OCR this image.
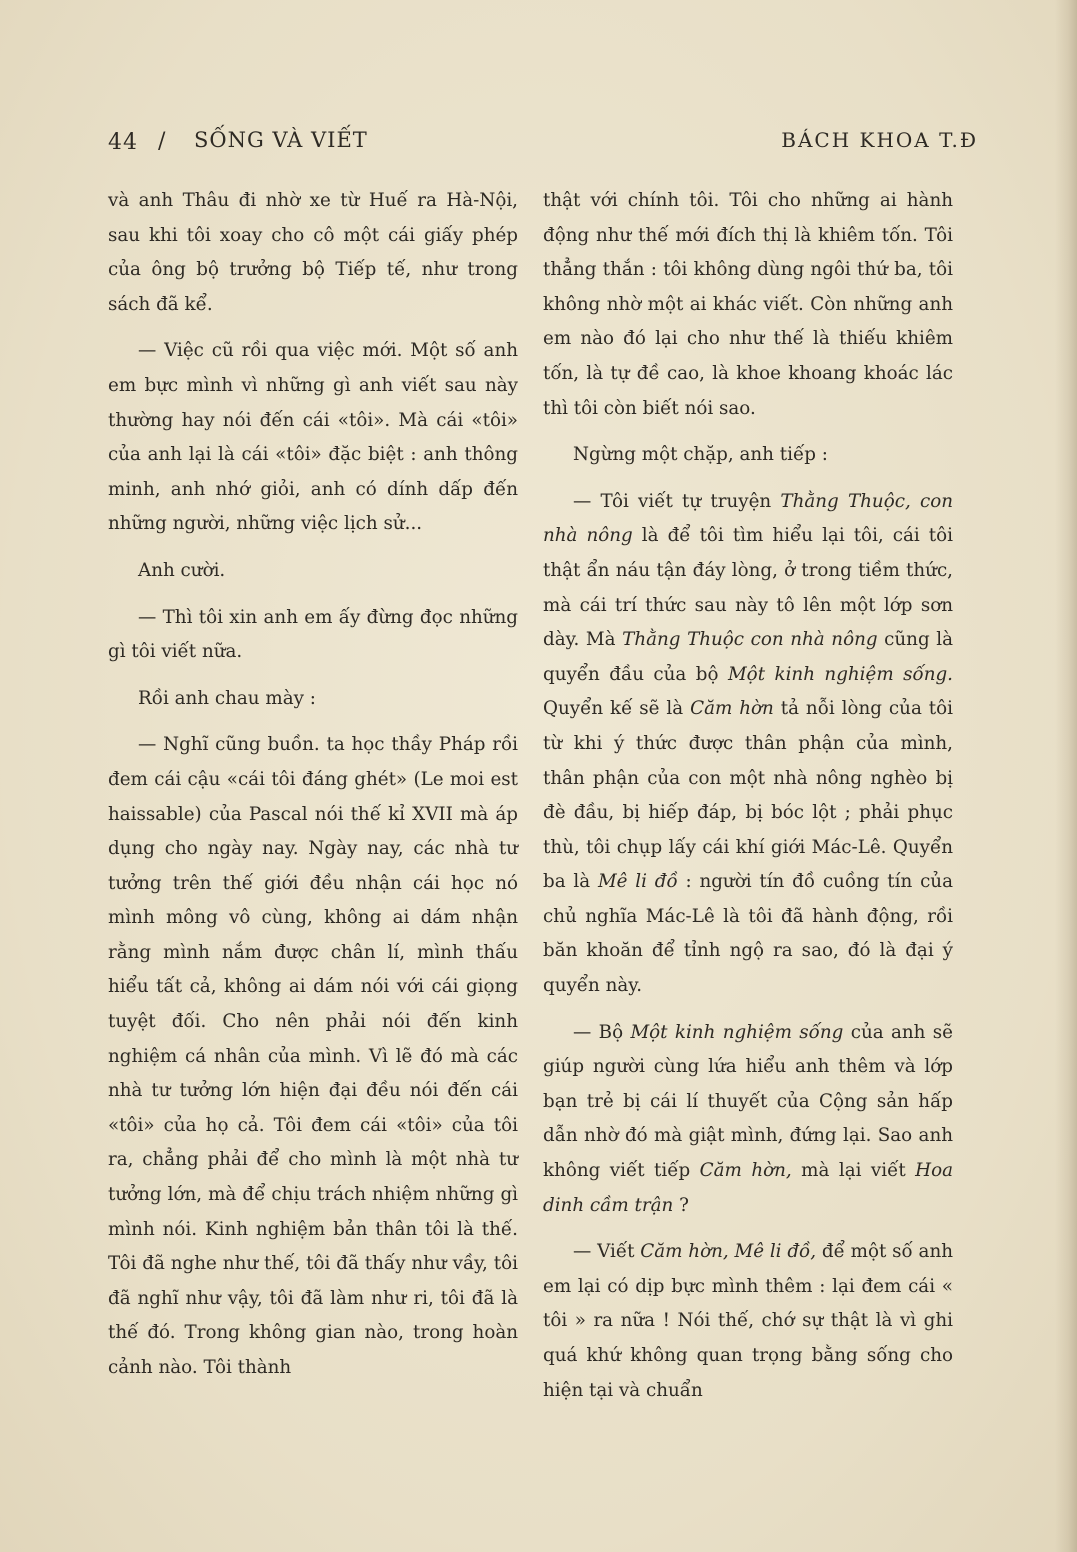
44 / SỐNG VÀ VIẾT	BÁCH KHOA T.Đ

và anh Thâu đi nhờ xe từ Huế ra Hà-Nội, sau khi tôi xoay cho cô một cái giấy phép của ông bộ trưởng bộ Tiếp tế, như trong sách đã kể.

— Việc cũ rồi qua việc mới. Một số anh em bực mình vì những gì anh viết sau này thường hay nói đến cái «tôi». Mà cái «tôi» của anh lại là cái «tôi» đặc biệt : anh thông minh, anh nhớ giỏi, anh có dính dấp đến những người, những việc lịch sử...

Anh cười.

— Thì tôi xin anh em ấy đừng đọc những gì tôi viết nữa.

Rồi anh chau mày :

— Nghĩ cũng buồn. ta học thầy Pháp rồi đem cái cậu «cái tôi đáng ghét» (Le moi est haissable) của Pascal nói thế kỉ XVII mà áp dụng cho ngày nay. Ngày nay, các nhà tư tưởng trên thế giới đều nhận cái học nó mình mông vô cùng, không ai dám nhận rằng mình nắm được chân lí, mình thấu hiểu tất cả, không ai dám nói với cái giọng tuyệt đối. Cho nên phải nói đến kinh nghiệm cá nhân của mình. Vì lẽ đó mà các nhà tư tưởng lớn hiện đại đều nói đến cái «tôi» của họ cả. Tôi đem cái «tôi» của tôi ra, chẳng phải để cho mình là một nhà tư tưởng lớn, mà để chịu trách nhiệm những gì mình nói. Kinh nghiệm bản thân tôi là thế. Tôi đã nghe như thế, tôi đã thấy như vầy, tôi đã nghĩ như vậy, tôi đã làm như ri, tôi đã là thế đó. Trong không gian nào, trong hoàn cảnh nào. Tôi thành

thật với chính tôi. Tôi cho những ai hành động như thế mới đích thị là khiêm tốn. Tôi thẳng thắn : tôi không dùng ngôi thứ ba, tôi không nhờ một ai khác viết. Còn những anh em nào đó lại cho như thế là thiếu khiêm tốn, là tự đề cao, là khoe khoang khoác lác thì tôi còn biết nói sao.

Ngừng một chặp, anh tiếp :

— Tôi viết tự truyện Thằng Thuộc, con nhà nông là để tôi tìm hiểu lại tôi, cái tôi thật ẩn náu tận đáy lòng, ở trong tiềm thức, mà cái trí thức sau này tô lên một lớp sơn dày. Mà Thằng Thuộc con nhà nông cũng là quyển đầu của bộ Một kinh nghiệm sống. Quyển kế sẽ là Căm hờn tả nỗi lòng của tôi từ khi ý thức được thân phận của mình, thân phận của con một nhà nông nghèo bị đè đầu, bị hiếp đáp, bị bóc lột ; phải phục thù, tôi chụp lấy cái khí giới Mác-Lê. Quyển ba là Mê li đồ : người tín đồ cuồng tín của chủ nghĩa Mác-Lê là tôi đã hành động, rồi băn khoăn để tỉnh ngộ ra sao, đó là đại ý quyển này.

— Bộ Một kinh nghiệm sống của anh sẽ giúp người cùng lứa hiểu anh thêm và lớp bạn trẻ bị cái lí thuyết của Cộng sản hấp dẫn nhờ đó mà giật mình, đứng lại. Sao anh không viết tiếp Căm hờn, mà lại viết Hoa dinh cầm trận ?

— Viết Căm hờn, Mê li đồ, để một số anh em lại có dịp bực mình thêm : lại đem cái « tôi » ra nữa ! Nói thế, chớ sự thật là vì ghi quá khứ không quan trọng bằng sống cho hiện tại và chuẩn
